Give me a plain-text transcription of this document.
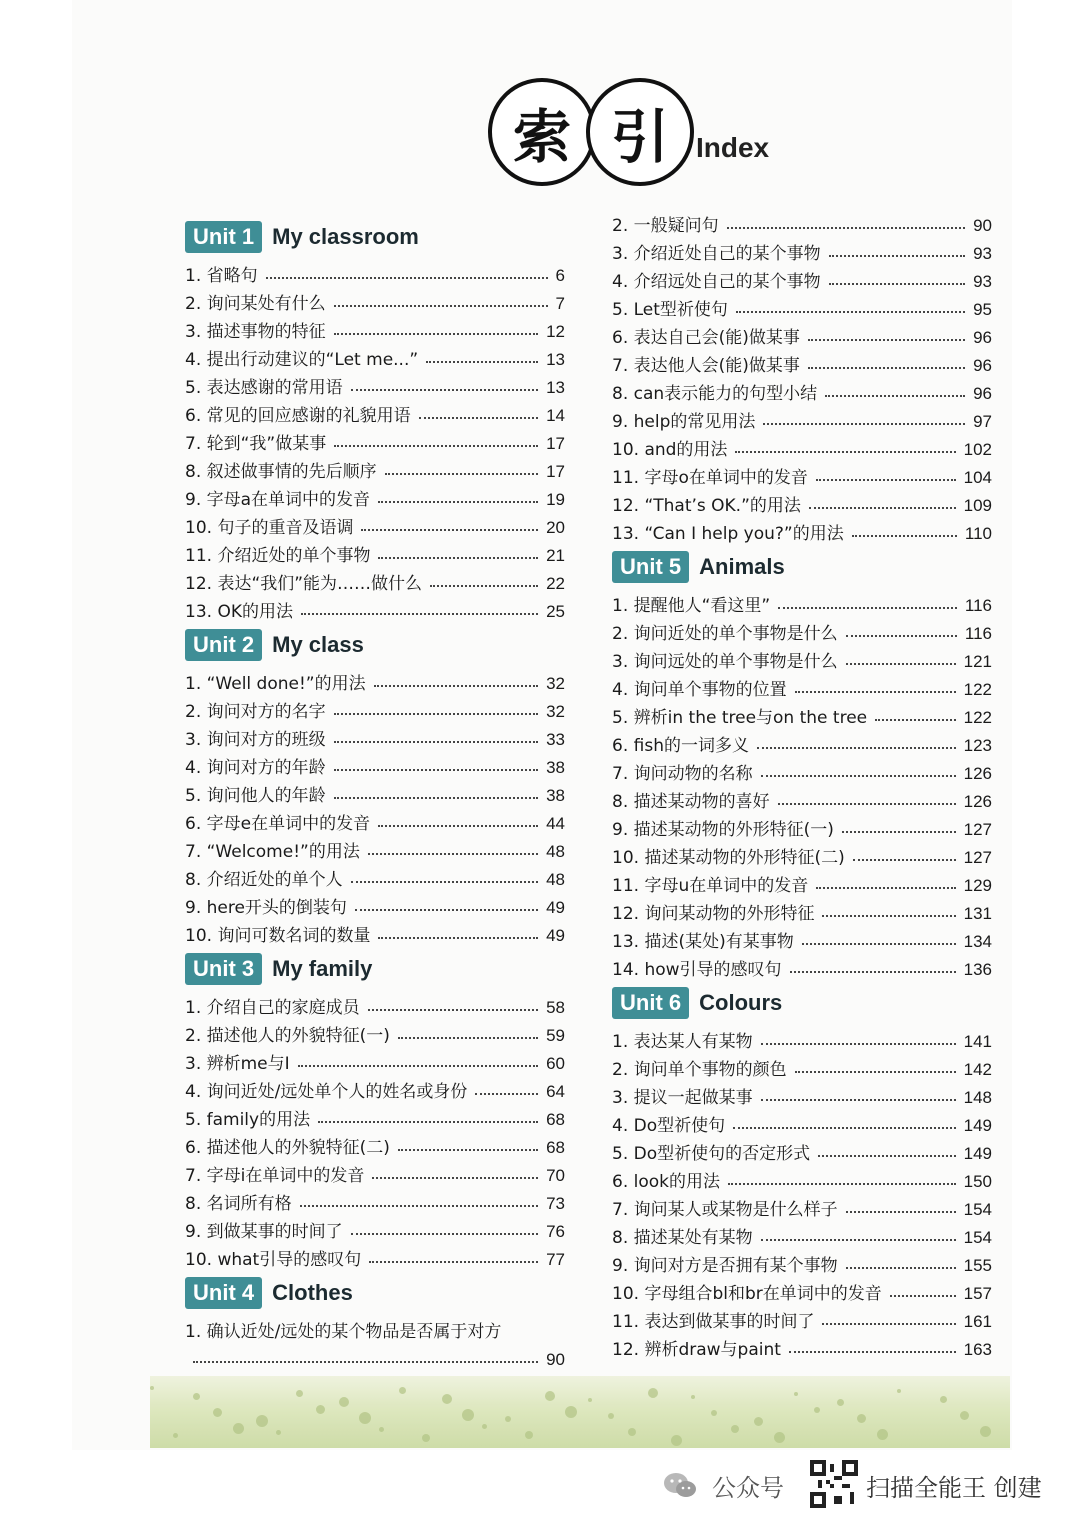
索 引 Index
Unit 1 My classroom
1. 省略句	6
2. 询问某处有什么	7
3. 描述事物的特征	12
4. 提出行动建议的“Let me...”	13
5. 表达感谢的常用语	13
6. 常见的回应感谢的礼貌用语	14
7. 轮到“我”做某事	17
8. 叙述做事情的先后顺序	17
9. 字母a在单词中的发音	19
10. 句子的重音及语调	20
11. 介绍近处的单个事物	21
12. 表达“我们”能为……做什么	22
13. OK的用法	25
Unit 2 My class
1. “Well done!”的用法	32
2. 询问对方的名字	32
3. 询问对方的班级	33
4. 询问对方的年龄	38
5. 询问他人的年龄	38
6. 字母e在单词中的发音	44
7. “Welcome!”的用法	48
8. 介绍近处的单个人	48
9. here开头的倒装句	49
10. 询问可数名词的数量	49
Unit 3 My family
1. 介绍自己的家庭成员	58
2. 描述他人的外貌特征(一)	59
3. 辨析me与I	60
4. 询问近处/远处单个人的姓名或身份	64
5. family的用法	68
6. 描述他人的外貌特征(二)	68
7. 字母i在单词中的发音	70
8. 名词所有格	73
9. 到做某事的时间了	76
10. what引导的感叹句	77
Unit 4 Clothes
1. 确认近处/远处的某个物品是否属于对方
90
2. 一般疑问句	90
3. 介绍近处自己的某个事物	93
4. 介绍远处自己的某个事物	93
5. Let型祈使句	95
6. 表达自己会(能)做某事	96
7. 表达他人会(能)做某事	96
8. can表示能力的句型小结	96
9. help的常见用法	97
10. and的用法	102
11. 字母o在单词中的发音	104
12. “That’s OK.”的用法	109
13. “Can I help you?”的用法	110
Unit 5 Animals
1. 提醒他人“看这里”	116
2. 询问近处的单个事物是什么	116
3. 询问远处的单个事物是什么	121
4. 询问单个事物的位置	122
5. 辨析in the tree与on the tree	122
6. fish的一词多义	123
7. 询问动物的名称	126
8. 描述某动物的喜好	126
9. 描述某动物的外形特征(一)	127
10. 描述某动物的外形特征(二)	127
11. 字母u在单词中的发音	129
12. 询问某动物的外形特征	131
13. 描述(某处)有某事物	134
14. how引导的感叹句	136
Unit 6 Colours
1. 表达某人有某物	141
2. 询问单个事物的颜色	142
3. 提议一起做某事	148
4. Do型祈使句	149
5. Do型祈使句的否定形式	149
6. look的用法	150
7. 询问某人或某物是什么样子	154
8. 描述某处有某物	154
9. 询问对方是否拥有某个事物	155
10. 字母组合bl和br在单词中的发音	157
11. 表达到做某事的时间了	161
12. 辨析draw与paint	163
公众号	扫描全能王 创建
